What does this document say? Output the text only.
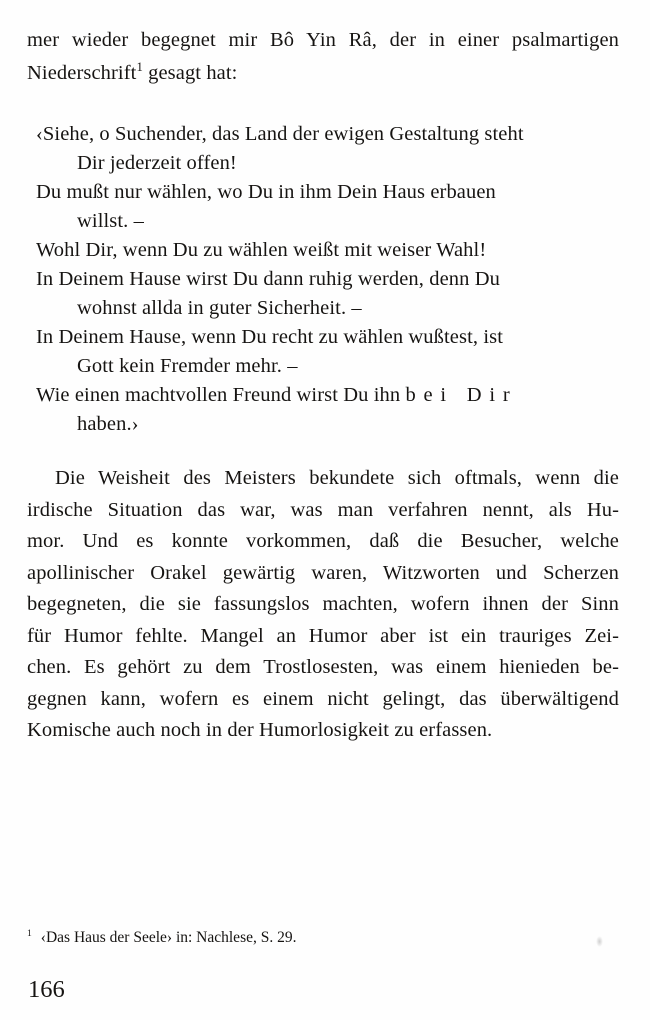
mer wieder begegnet mir Bô Yin Râ, der in einer psalmartigen
Niederschrift$^1$ gesagt hat:
‹Siehe, o Suchender, das Land der ewigen Gestaltung steht
Dir jederzeit offen!
Du mußt nur wählen, wo Du in ihm Dein Haus erbauen
willst. –
Wohl Dir, wenn Du zu wählen weißt mit weiser Wahl!
In Deinem Hause wirst Du dann ruhig werden, denn Du
wohnst allda in guter Sicherheit. –
In Deinem Hause, wenn Du recht zu wählen wußtest, ist
Gott kein Fremder mehr. –
Wie einen machtvollen Freund wirst Du ihn bei Dir
haben.›
Die Weisheit des Meisters bekundete sich oftmals, wenn die
irdische Situation das war, was man verfahren nennt, als Hu-
mor. Und es konnte vorkommen, daß die Besucher, welche
apollinischer Orakel gewärtig waren, Witzworten und Scherzen
begegneten, die sie fassungslos machten, wofern ihnen der Sinn
für Humor fehlte. Mangel an Humor aber ist ein trauriges Zei-
chen. Es gehört zu dem Trostlosesten, was einem hienieden be-
gegnen kann, wofern es einem nicht gelingt, das überwältigend
Komische auch noch in der Humorlosigkeit zu erfassen.
$^1$ ‹Das Haus der Seele› in: Nachlese, S. 29.
166
